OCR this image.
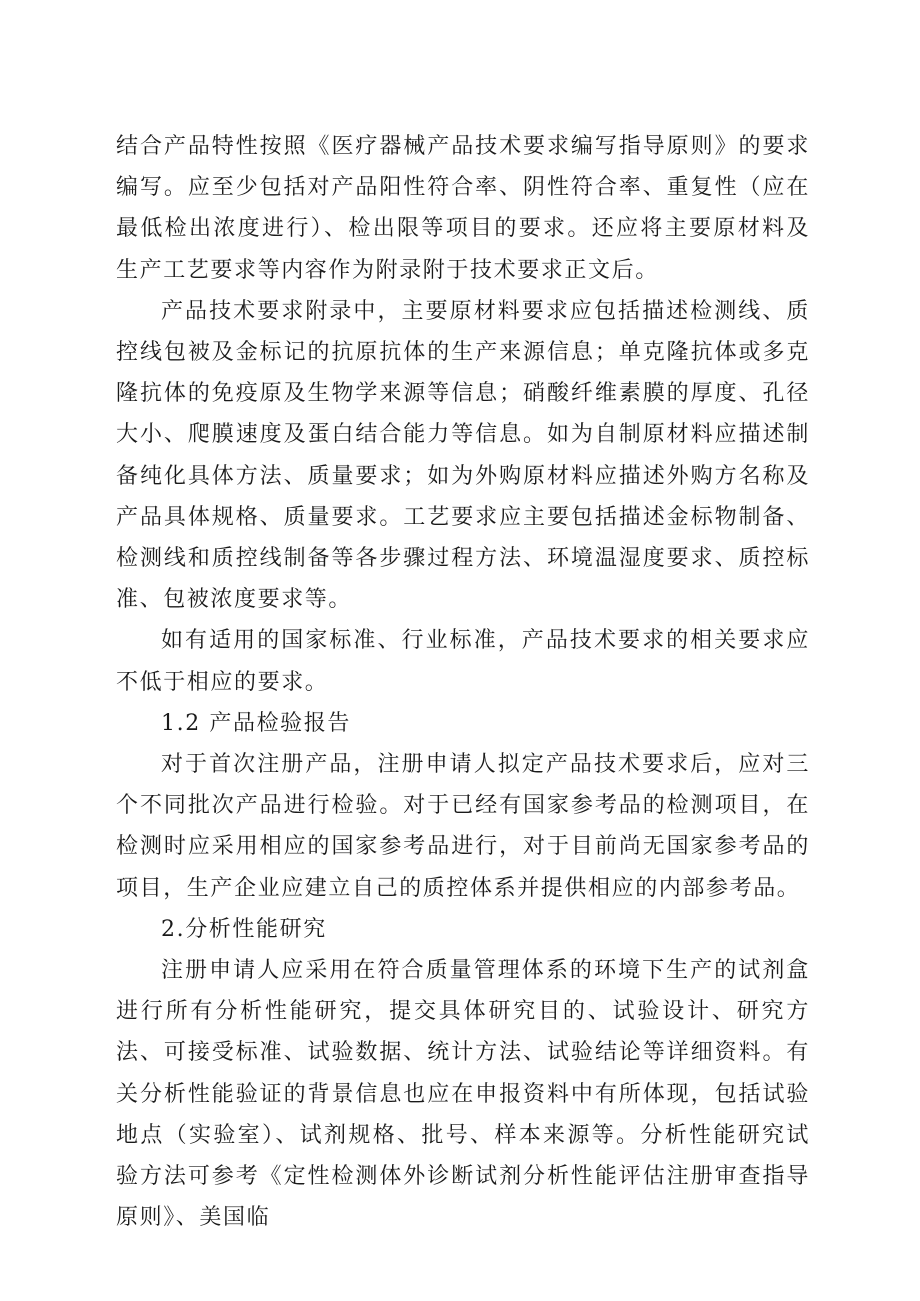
结合产品特性按照《医疗器械产品技术要求编写指导原则》的要求编写。应至少包括对产品阳性符合率、阴性符合率、重复性（应在最低检出浓度进行）、检出限等项目的要求。还应将主要原材料及生产工艺要求等内容作为附录附于技术要求正文后。

产品技术要求附录中，主要原材料要求应包括描述检测线、质控线包被及金标记的抗原抗体的生产来源信息；单克隆抗体或多克隆抗体的免疫原及生物学来源等信息；硝酸纤维素膜的厚度、孔径大小、爬膜速度及蛋白结合能力等信息。如为自制原材料应描述制备纯化具体方法、质量要求；如为外购原材料应描述外购方名称及产品具体规格、质量要求。工艺要求应主要包括描述金标物制备、检测线和质控线制备等各步骤过程方法、环境温湿度要求、质控标准、包被浓度要求等。

如有适用的国家标准、行业标准，产品技术要求的相关要求应不低于相应的要求。

1.2 产品检验报告

对于首次注册产品，注册申请人拟定产品技术要求后，应对三个不同批次产品进行检验。对于已经有国家参考品的检测项目，在检测时应采用相应的国家参考品进行，对于目前尚无国家参考品的项目，生产企业应建立自己的质控体系并提供相应的内部参考品。

2.分析性能研究

注册申请人应采用在符合质量管理体系的环境下生产的试剂盒进行所有分析性能研究，提交具体研究目的、试验设计、研究方法、可接受标准、试验数据、统计方法、试验结论等详细资料。有关分析性能验证的背景信息也应在申报资料中有所体现，包括试验地点（实验室）、试剂规格、批号、样本来源等。分析性能研究试验方法可参考《定性检测体外诊断试剂分析性能评估注册审查指导原则》、美国临
